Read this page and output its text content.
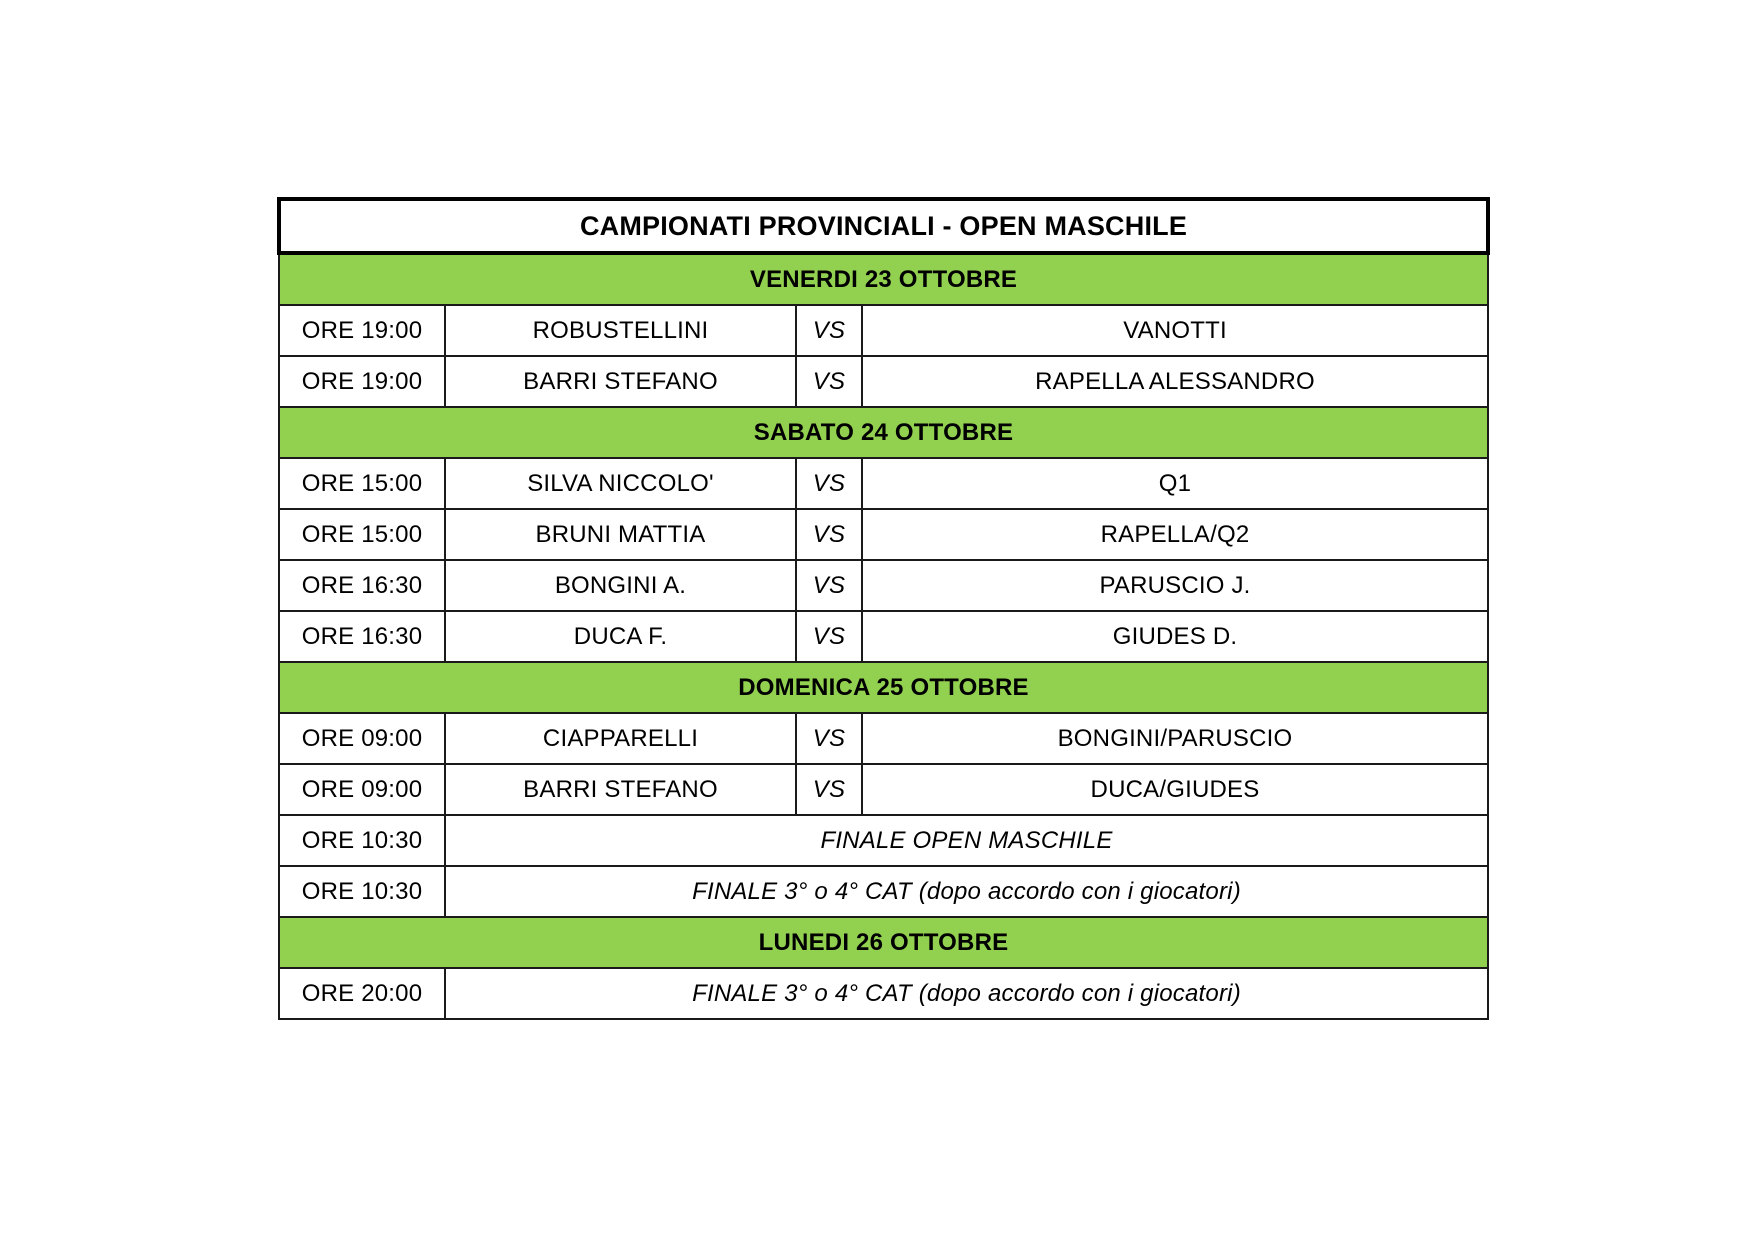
CAMPIONATI PROVINCIALI - OPEN MASCHILE			
VENERDI 23 OTTOBRE			
ORE 19:00	ROBUSTELLINI	VS	VANOTTI
ORE 19:00	BARRI STEFANO	VS	RAPELLA ALESSANDRO
SABATO 24 OTTOBRE			
ORE 15:00	SILVA NICCOLO'	VS	Q1
ORE 15:00	BRUNI MATTIA	VS	RAPELLA/Q2
ORE 16:30	BONGINI A.	VS	PARUSCIO J.
ORE 16:30	DUCA F.	VS	GIUDES D.
DOMENICA 25 OTTOBRE			
ORE 09:00	CIAPPARELLI	VS	BONGINI/PARUSCIO
ORE 09:00	BARRI STEFANO	VS	DUCA/GIUDES
ORE 10:30	FINALE OPEN MASCHILE		
ORE 10:30	FINALE 3° o 4° CAT (dopo accordo con i giocatori)		
LUNEDI 26 OTTOBRE			
ORE 20:00	FINALE 3° o 4° CAT (dopo accordo con i giocatori)		
